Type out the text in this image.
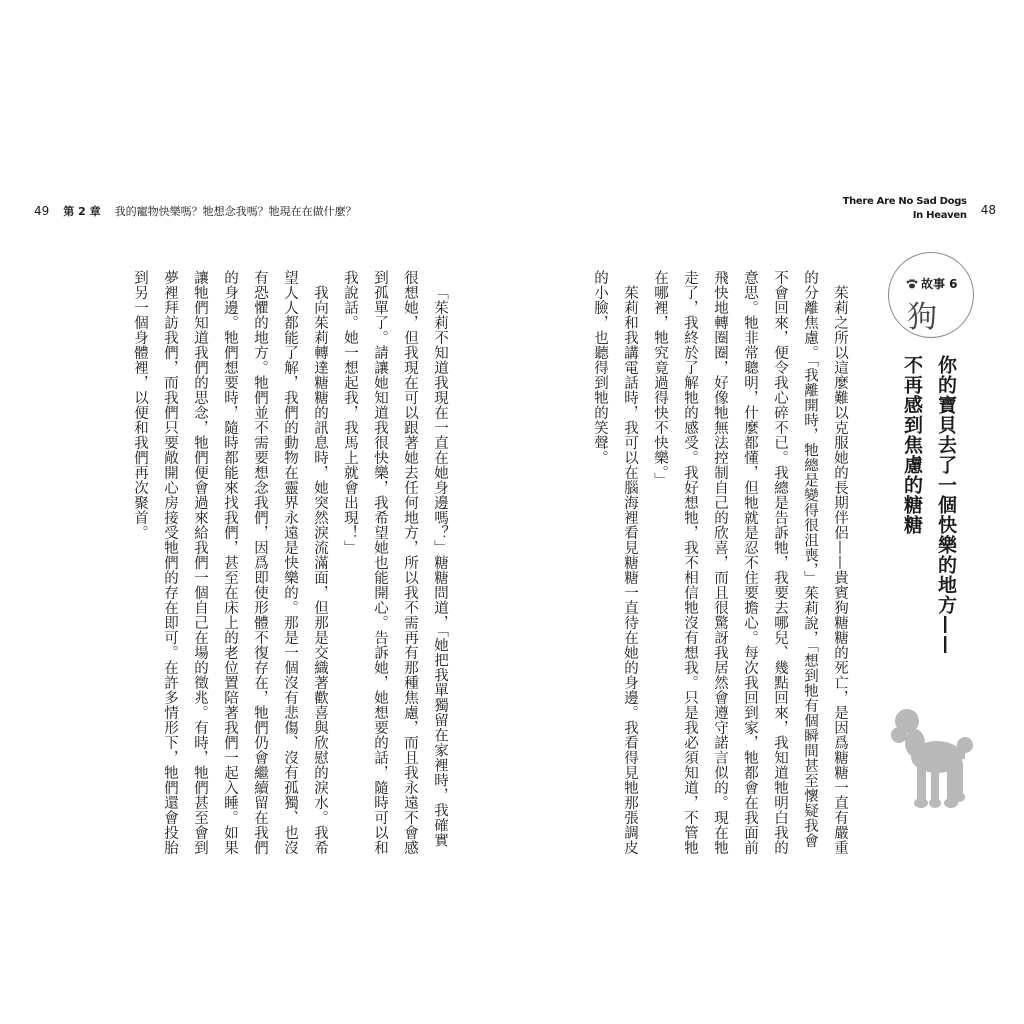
49 第 2 章 我的寵物快樂嗎？牠想念我嗎？牠現在在做什麼？
There Are No Sad Dogs
In Heaven 48
故事 6
狗
你的寶貝去了一個快樂的地方——
不再感到焦慮的糖糖

茱莉之所以這麼難以克服她的長期伴侶——貴賓狗糖糖的死亡，是因爲糖糖一直有嚴重的分離焦慮。「我離開時，牠總是變得很沮喪，」茱莉說，「想到牠有個瞬間甚至懷疑我會不會回來，便令我心碎不已。我總是告訴牠，我要去哪兒、幾點回來，我知道牠明白我的意思。牠非常聰明，什麼都懂，但牠就是忍不住要擔心。每次我回到家，牠都會在我面前飛快地轉圈圈，好像牠無法控制自己的欣喜，而且很驚訝我居然會遵守諾言似的。現在牠走了，我終於了解牠的感受。我好想牠，我不相信牠沒有想我。只是我必須知道，不管牠在哪裡，牠究竟過得快不快樂。」

茱莉和我講電話時，我可以在腦海裡看見糖糖一直待在她的身邊。我看得見牠那張調皮的小臉，也聽得到牠的笑聲。

「茱莉不知道我現在一直在她身邊嗎？」糖糖問道，「她把我單獨留在家裡時，我確實很想她，但我現在可以跟著她去任何地方，所以我不需再有那種焦慮，而且我永遠不會感到孤單了。請讓她知道我很快樂，我希望她也能開心。告訴她，她想要的話，隨時可以和我說話。她一想起我，我馬上就會出現！」

我向茱莉轉達糖糖的訊息時，她突然淚流滿面，但那是交織著歡喜與欣慰的淚水。我希望人人都能了解，我們的動物在靈界永遠是快樂的。那是一個沒有悲傷、沒有孤獨、也沒有恐懼的地方。牠們並不需要想念我們，因爲即使形體不復存在，牠們仍會繼續留在我們的身邊。牠們想要時，隨時都能來找我們，甚至在床上的老位置陪著我們一起入睡。如果讓牠們知道我們的思念，牠們便會過來給我們一個自己在場的徵兆。有時，牠們甚至會到夢裡拜訪我們，而我們只要敞開心房接受牠們的存在即可。在許多情形下，牠們還會投胎到另一個身體裡，以便和我們再次聚首。
